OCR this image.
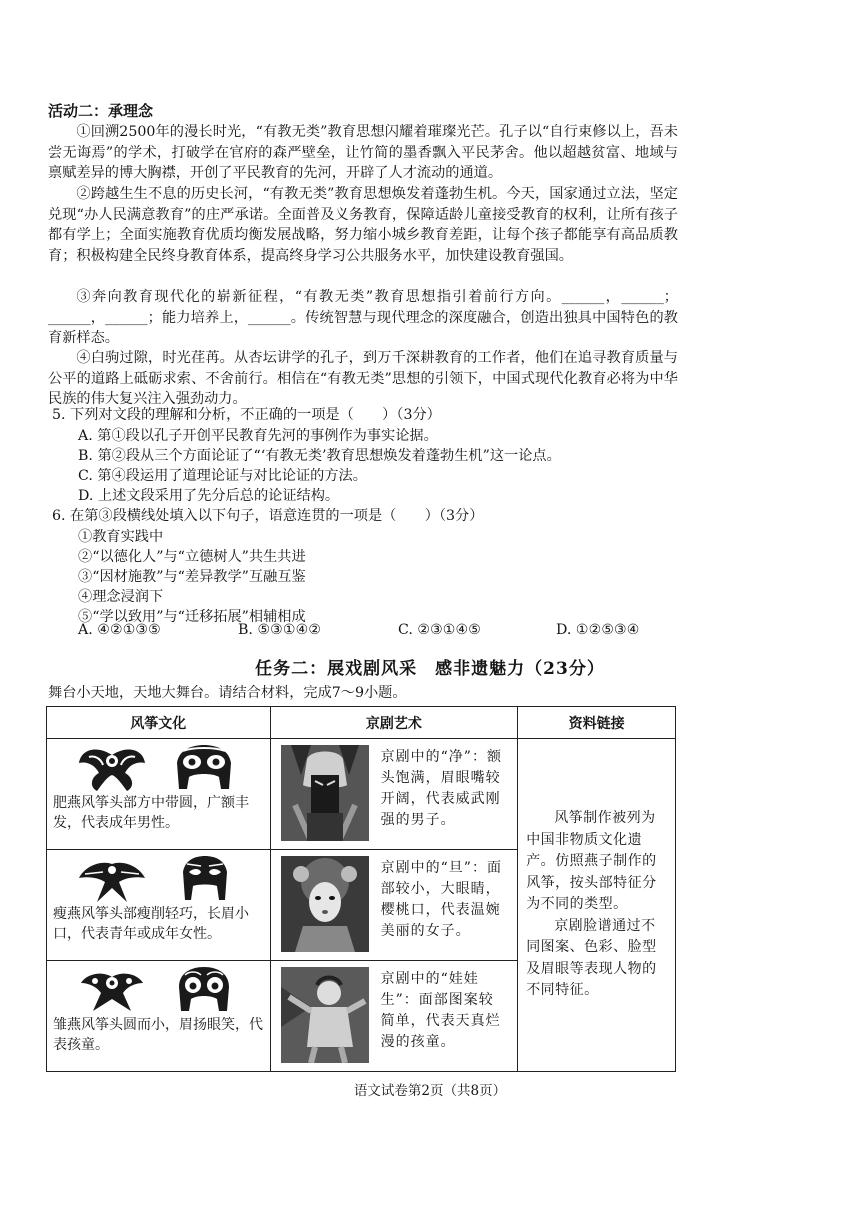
活动二：承理念

①回溯2500年的漫长时光，“有教无类”教育思想闪耀着璀璨光芒。孔子以“自行束修以上，吾未尝无诲焉”的学术，打破学在官府的森严壁垒，让竹简的墨香飘入平民茅舍。他以超越贫富、地域与禀赋差异的博大胸襟，开创了平民教育的先河，开辟了人才流动的通道。

②跨越生生不息的历史长河，“有教无类”教育思想焕发着蓬勃生机。今天，国家通过立法，坚定兑现“办人民满意教育”的庄严承诺。全面普及义务教育，保障适龄儿童接受教育的权利，让所有孩子都有学上；全面实施教育优质均衡发展战略，努力缩小城乡教育差距，让每个孩子都能享有高品质教育；积极构建全民终身教育体系，提高终身学习公共服务水平，加快建设教育强国。

③奔向教育现代化的崭新征程，“有教无类”教育思想指引着前行方向。______，______；______，______；能力培养上，______。传统智慧与现代理念的深度融合，创造出独具中国特色的教育新样态。

④白驹过隙，时光荏苒。从杏坛讲学的孔子，到万千深耕教育的工作者，他们在追寻教育质量与公平的道路上砥砺求索、不舍前行。相信在“有教无类”思想的引领下，中国式现代化教育必将为中华民族的伟大复兴注入强劲动力。

5. 下列对文段的理解和分析，不正确的一项是（　　）（3分）

A. 第①段以孔子开创平民教育先河的事例作为事实论据。

B. 第②段从三个方面论证了“‘有教无类’教育思想焕发着蓬勃生机”这一论点。

C. 第④段运用了道理论证与对比论证的方法。

D. 上述文段采用了先分后总的论证结构。

6. 在第③段横线处填入以下句子，语意连贯的一项是（　　）（3分）

①教育实践中

②“以德化人”与“立德树人”共生共进

③“因材施教”与“差异教学”互融互鉴

④理念浸润下

⑤“学以致用”与“迁移拓展”相辅相成

A. ④②①③⑤	B. ⑤③①④②	C. ②③①④⑤	D. ①②⑤③④
任务二：展戏剧风采　感非遗魅力（23分）
舞台小天地，天地大舞台。请结合材料，完成7～9小题。
风筝文化	京剧艺术	资料链接

肥燕风筝头部方中带圆，广额丰发，代表成年男性。	京剧中的“净”：额头饱满，眉眼嘴较开阔，代表威武刚强的男子。	风筝制作被列为中国非物质文化遗产。仿照燕子制作的风筝，按头部特征分为不同的类型。

京剧脸谱通过不同图案、色彩、脸型及眉眼等表现人物的不同特征。

瘦燕风筝头部瘦削轻巧，长眉小口，代表青年或成年女性。	京剧中的“旦”：面部较小，大眼睛，樱桃口，代表温婉美丽的女子。	

雏燕风筝头圆而小，眉扬眼笑，代表孩童。	京剧中的“娃娃生”：面部图案较简单，代表天真烂漫的孩童。	
语文试卷第2页（共8页）
